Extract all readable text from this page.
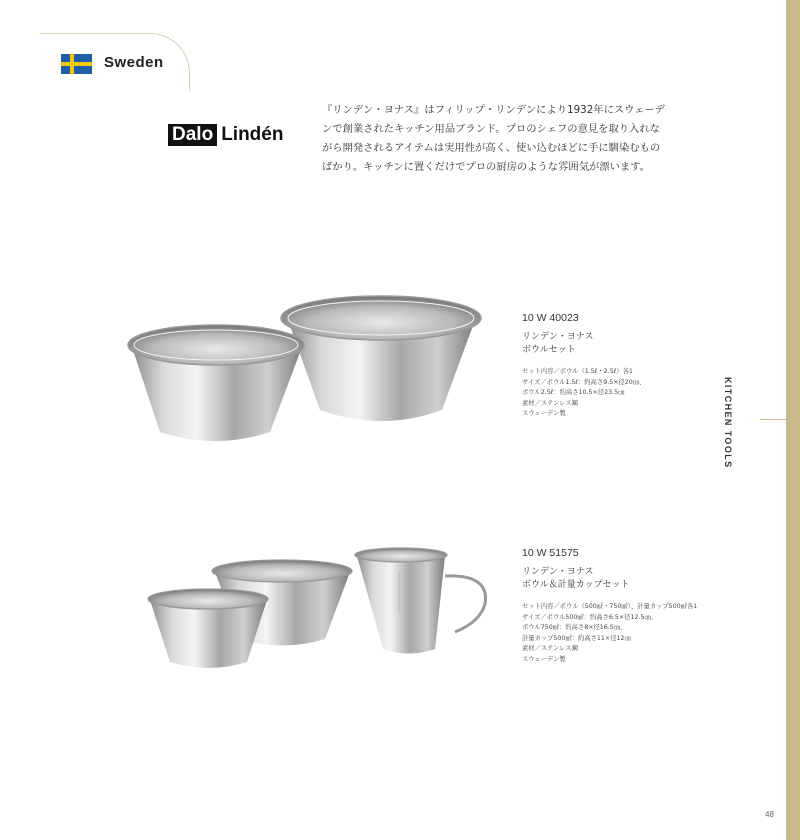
Sweden
Dalo Lindén

『リンデン・ヨナス』はフィリップ・リンデンにより1932年にスウェーデンで創業されたキッチン用品ブランド。プロのシェフの意見を取り入れながら開発されるアイテムは実用性が高く、使い込むほどに手に馴染むものばかり。キッチンに置くだけでプロの厨房のような雰囲気が漂います。

10 W 40023
リンデン・ヨナス
ボウルセット
セット内容／ボウル（1.5ℓ・2.5ℓ）各1
サイズ／ボウル1.5ℓ：約高さ9.5×径20㎝、
ボウル2.5ℓ：約高さ10.5×径23.5㎝
素材／ステンレス鋼
スウェーデン製
10 W 51575
リンデン・ヨナス
ボウル＆計量カップセット
セット内容／ボウル（500㎖・750㎖）、計量カップ500㎖各1
サイズ／ボウル500㎖：約高さ6.5×径12.5㎝、
ボウル750㎖：約高さ8×径16.5㎝、
計量カップ500㎖：約高さ11×径12㎝
素材／ステンレス鋼
スウェーデン製
KITCHEN TOOLS
48
